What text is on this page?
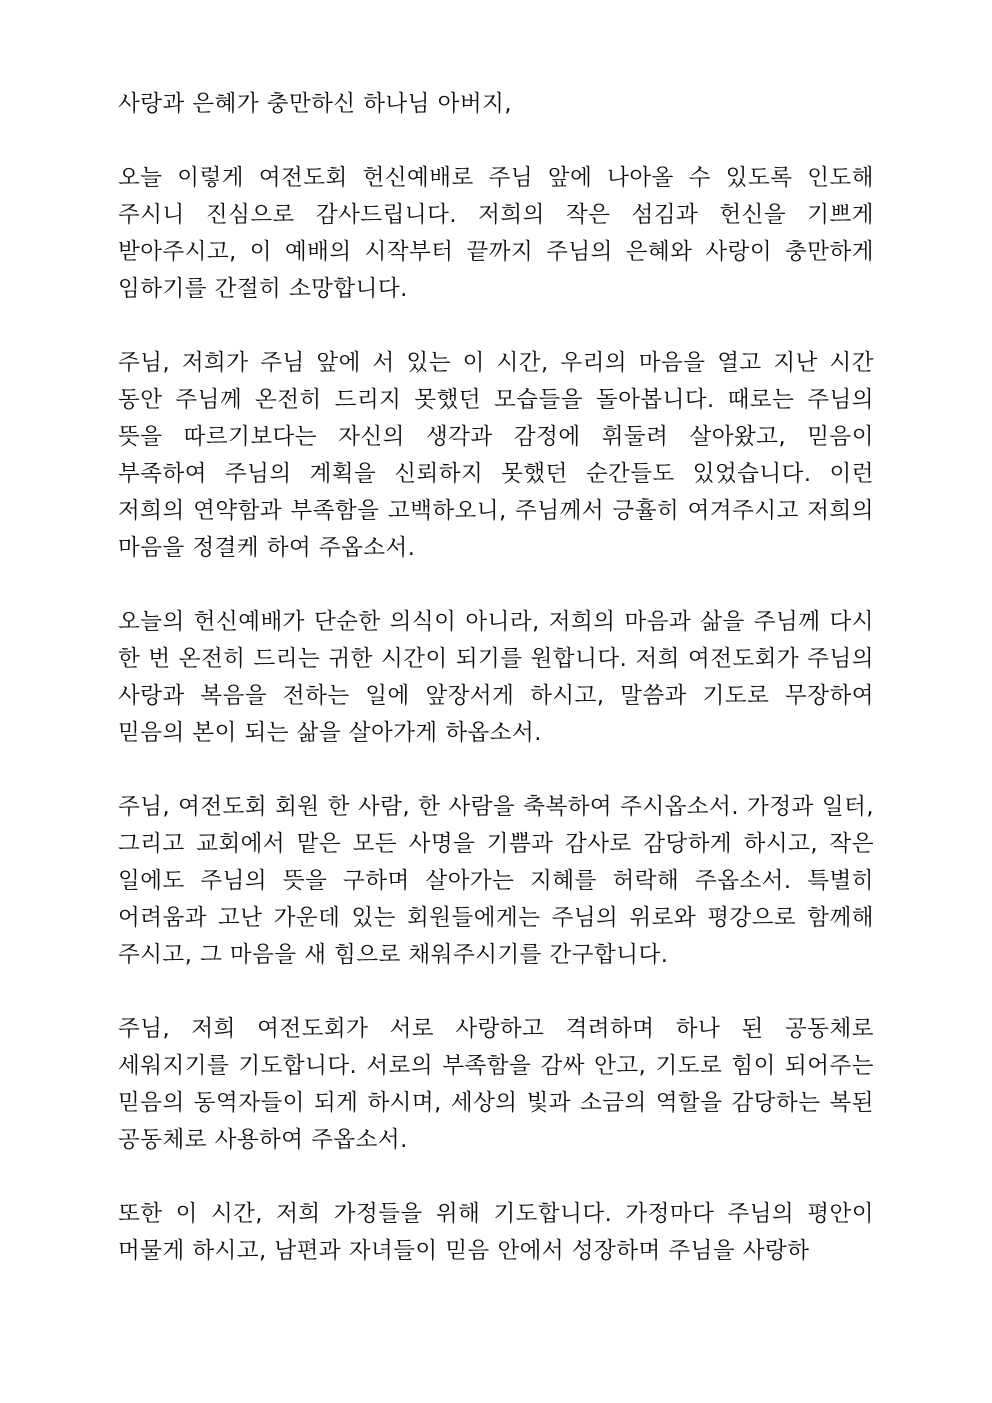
사랑과 은혜가 충만하신 하나님 아버지,

오늘 이렇게 여전도회 헌신예배로 주님 앞에 나아올 수 있도록 인도해 주시니 진심으로 감사드립니다. 저희의 작은 섬김과 헌신을 기쁘게 받아주시고, 이 예배의 시작부터 끝까지 주님의 은혜와 사랑이 충만하게 임하기를 간절히 소망합니다.

주님, 저희가 주님 앞에 서 있는 이 시간, 우리의 마음을 열고 지난 시간 동안 주님께 온전히 드리지 못했던 모습들을 돌아봅니다. 때로는 주님의 뜻을 따르기보다는 자신의 생각과 감정에 휘둘려 살아왔고, 믿음이 부족하여 주님의 계획을 신뢰하지 못했던 순간들도 있었습니다. 이런 저희의 연약함과 부족함을 고백하오니, 주님께서 긍휼히 여겨주시고 저희의 마음을 정결케 하여 주옵소서.

오늘의 헌신예배가 단순한 의식이 아니라, 저희의 마음과 삶을 주님께 다시 한 번 온전히 드리는 귀한 시간이 되기를 원합니다. 저희 여전도회가 주님의 사랑과 복음을 전하는 일에 앞장서게 하시고, 말씀과 기도로 무장하여 믿음의 본이 되는 삶을 살아가게 하옵소서.

주님, 여전도회 회원 한 사람, 한 사람을 축복하여 주시옵소서. 가정과 일터, 그리고 교회에서 맡은 모든 사명을 기쁨과 감사로 감당하게 하시고, 작은 일에도 주님의 뜻을 구하며 살아가는 지혜를 허락해 주옵소서. 특별히 어려움과 고난 가운데 있는 회원들에게는 주님의 위로와 평강으로 함께해 주시고, 그 마음을 새 힘으로 채워주시기를 간구합니다.

주님, 저희 여전도회가 서로 사랑하고 격려하며 하나 된 공동체로 세워지기를 기도합니다. 서로의 부족함을 감싸 안고, 기도로 힘이 되어주는 믿음의 동역자들이 되게 하시며, 세상의 빛과 소금의 역할을 감당하는 복된 공동체로 사용하여 주옵소서.

또한 이 시간, 저희 가정들을 위해 기도합니다. 가정마다 주님의 평안이 머물게 하시고, 남편과 자녀들이 믿음 안에서 성장하며 주님을 사랑하
